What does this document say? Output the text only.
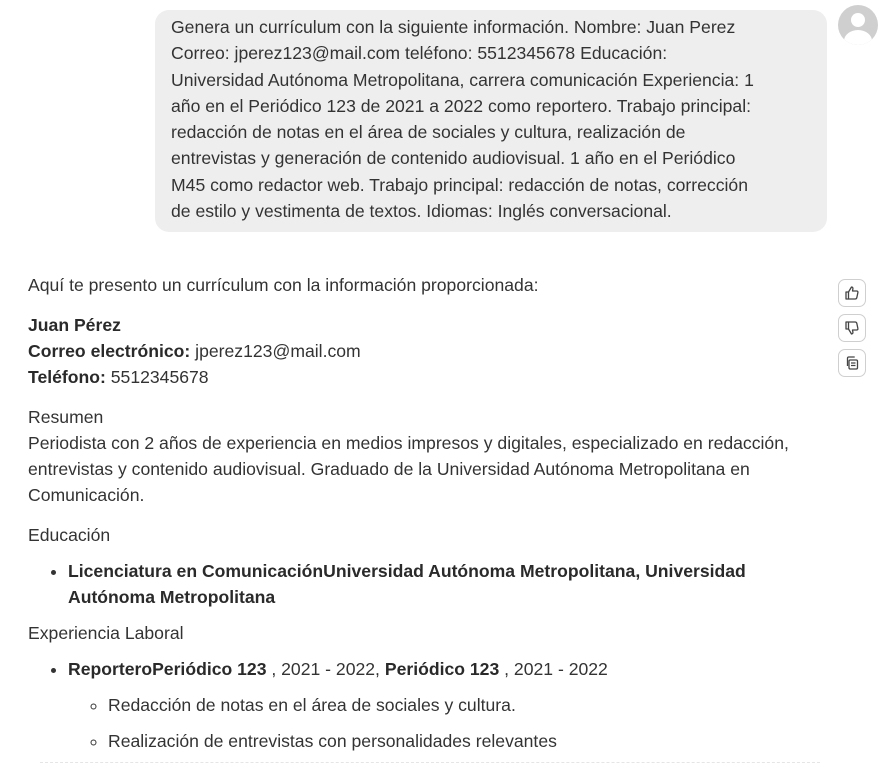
Genera un currículum con la siguiente información. Nombre: Juan Perez
Correo: jperez123@mail.com teléfono: 5512345678 Educación:
Universidad Autónoma Metropolitana, carrera comunicación Experiencia: 1
año en el Periódico 123 de 2021 a 2022 como reportero. Trabajo principal:
redacción de notas en el área de sociales y cultura, realización de
entrevistas y generación de contenido audiovisual. 1 año en el Periódico
M45 como redactor web. Trabajo principal: redacción de notas, corrección
de estilo y vestimenta de textos. Idiomas: Inglés conversacional.

Aquí te presento un currículum con la información proporcionada:

Juan Pérez

Correo electrónico: jperez123@mail.com

Teléfono: 5512345678

Resumen

Periodista con 2 años de experiencia en medios impresos y digitales, especializado en redacción, entrevistas y contenido audiovisual. Graduado de la Universidad Autónoma Metropolitana en Comunicación.

Educación

• Licenciatura en ComunicaciónUniversidad Autónoma Metropolitana, Universidad Autónoma Metropolitana

Experiencia Laboral

• ReporteroPeriódico 123 , 2021 - 2022, Periódico 123 , 2021 - 2022
◦ Redacción de notas en el área de sociales y cultura.
◦ Realización de entrevistas con personalidades relevantes
